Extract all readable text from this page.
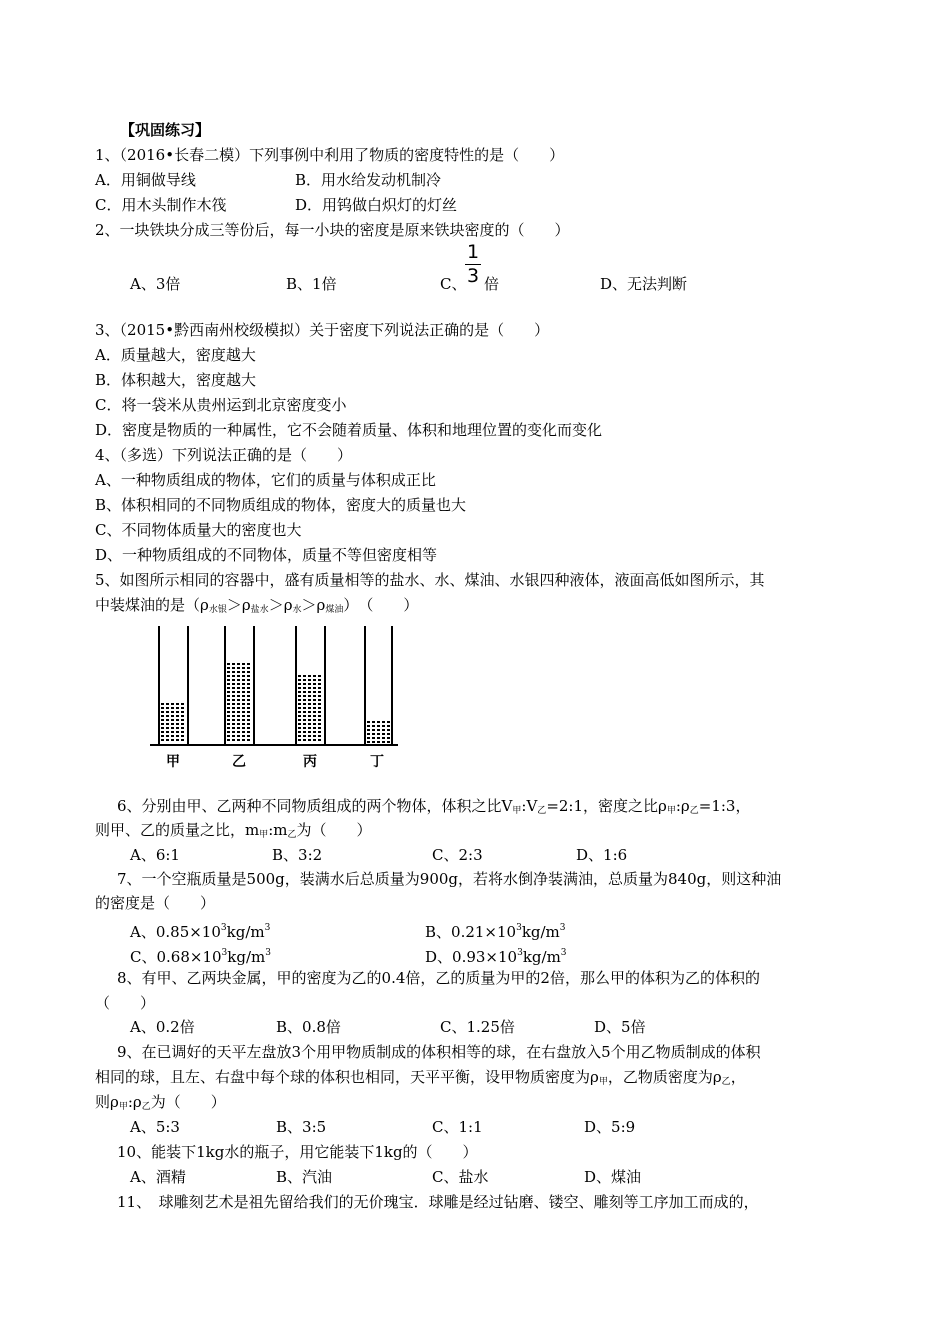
【巩固练习】
1、（2016•长春二模）下列事例中利用了物质的密度特性的是（　　）
A．用铜做导线	B．用水给发动机制冷
C．用木头制作木筏	D．用钨做白炽灯的灯丝
2、一块铁块分成三等份后，每一小块的密度是原来铁块密度的（　　）
A、3倍	B、1倍	C、
1
3 倍	D、无法判断
3、（2015•黔西南州校级模拟）关于密度下列说法正确的是（　　）
A．质量越大，密度越大
B．体积越大，密度越大
C．将一袋米从贵州运到北京密度变小
D．密度是物质的一种属性，它不会随着质量、体积和地理位置的变化而变化
4、（多选）下列说法正确的是（　　）
A、一种物质组成的物体，它们的质量与体积成正比
B、体积相同的不同物质组成的物体，密度大的质量也大
C、不同物体质量大的密度也大
D、一种物质组成的不同物体，质量不等但密度相等
5、如图所示相同的容器中，盛有质量相等的盐水、水、煤油、水银四种液体，液面高低如图所示，其
中装煤油的是$(\rho_{水银}>\rho_{盐水}>\rho_水>\rho_{煤油})$　（　　）
甲	乙	丙	丁
6、分别由甲、乙两种不同物质组成的两个物体，体积之比$V_甲:V_乙=2:1$，密度之比$\rho_甲:\rho_乙=1:3$，
则甲、乙的质量之比，$m_甲:m_乙$为（　　）
A、6:1	B、3:2	C、2:3	D、1:6
7、一个空瓶质量是500g，装满水后总质量为900g，若将水倒净装满油，总质量为840g，则这种油
的密度是（　　）
A、$0.85\times 10^3kg/m^3$	B、$0.21\times 10^3kg/m^3$
C、$0.68\times 10^3kg/m^3$	D、$0.93\times 10^3kg/m^3$
8、有甲、乙两块金属，甲的密度为乙的0.4倍，乙的质量为甲的2倍，那么甲的体积为乙的体积的
（　　）
A、0.2倍	B、0.8倍	C、1.25倍	D、5倍
9、在已调好的天平左盘放3个用甲物质制成的体积相等的球，在右盘放入5个用乙物质制成的体积
相同的球，且左、右盘中每个球的体积也相同，天平平衡，设甲物质密度为$\rho_甲$，乙物质密度为$\rho_乙$，
则$\rho_甲:\rho_乙$为（　　）
A、5:3	B、3:5	C、1:1	D、5:9
10、能装下1kg水的瓶子，用它能装下1kg的（　　）
A、酒精	B、汽油	C、盐水	D、煤油
11、　球雕刻艺术是祖先留给我们的无价瑰宝．球雕是经过钻磨、镂空、雕刻等工序加工而成的，
